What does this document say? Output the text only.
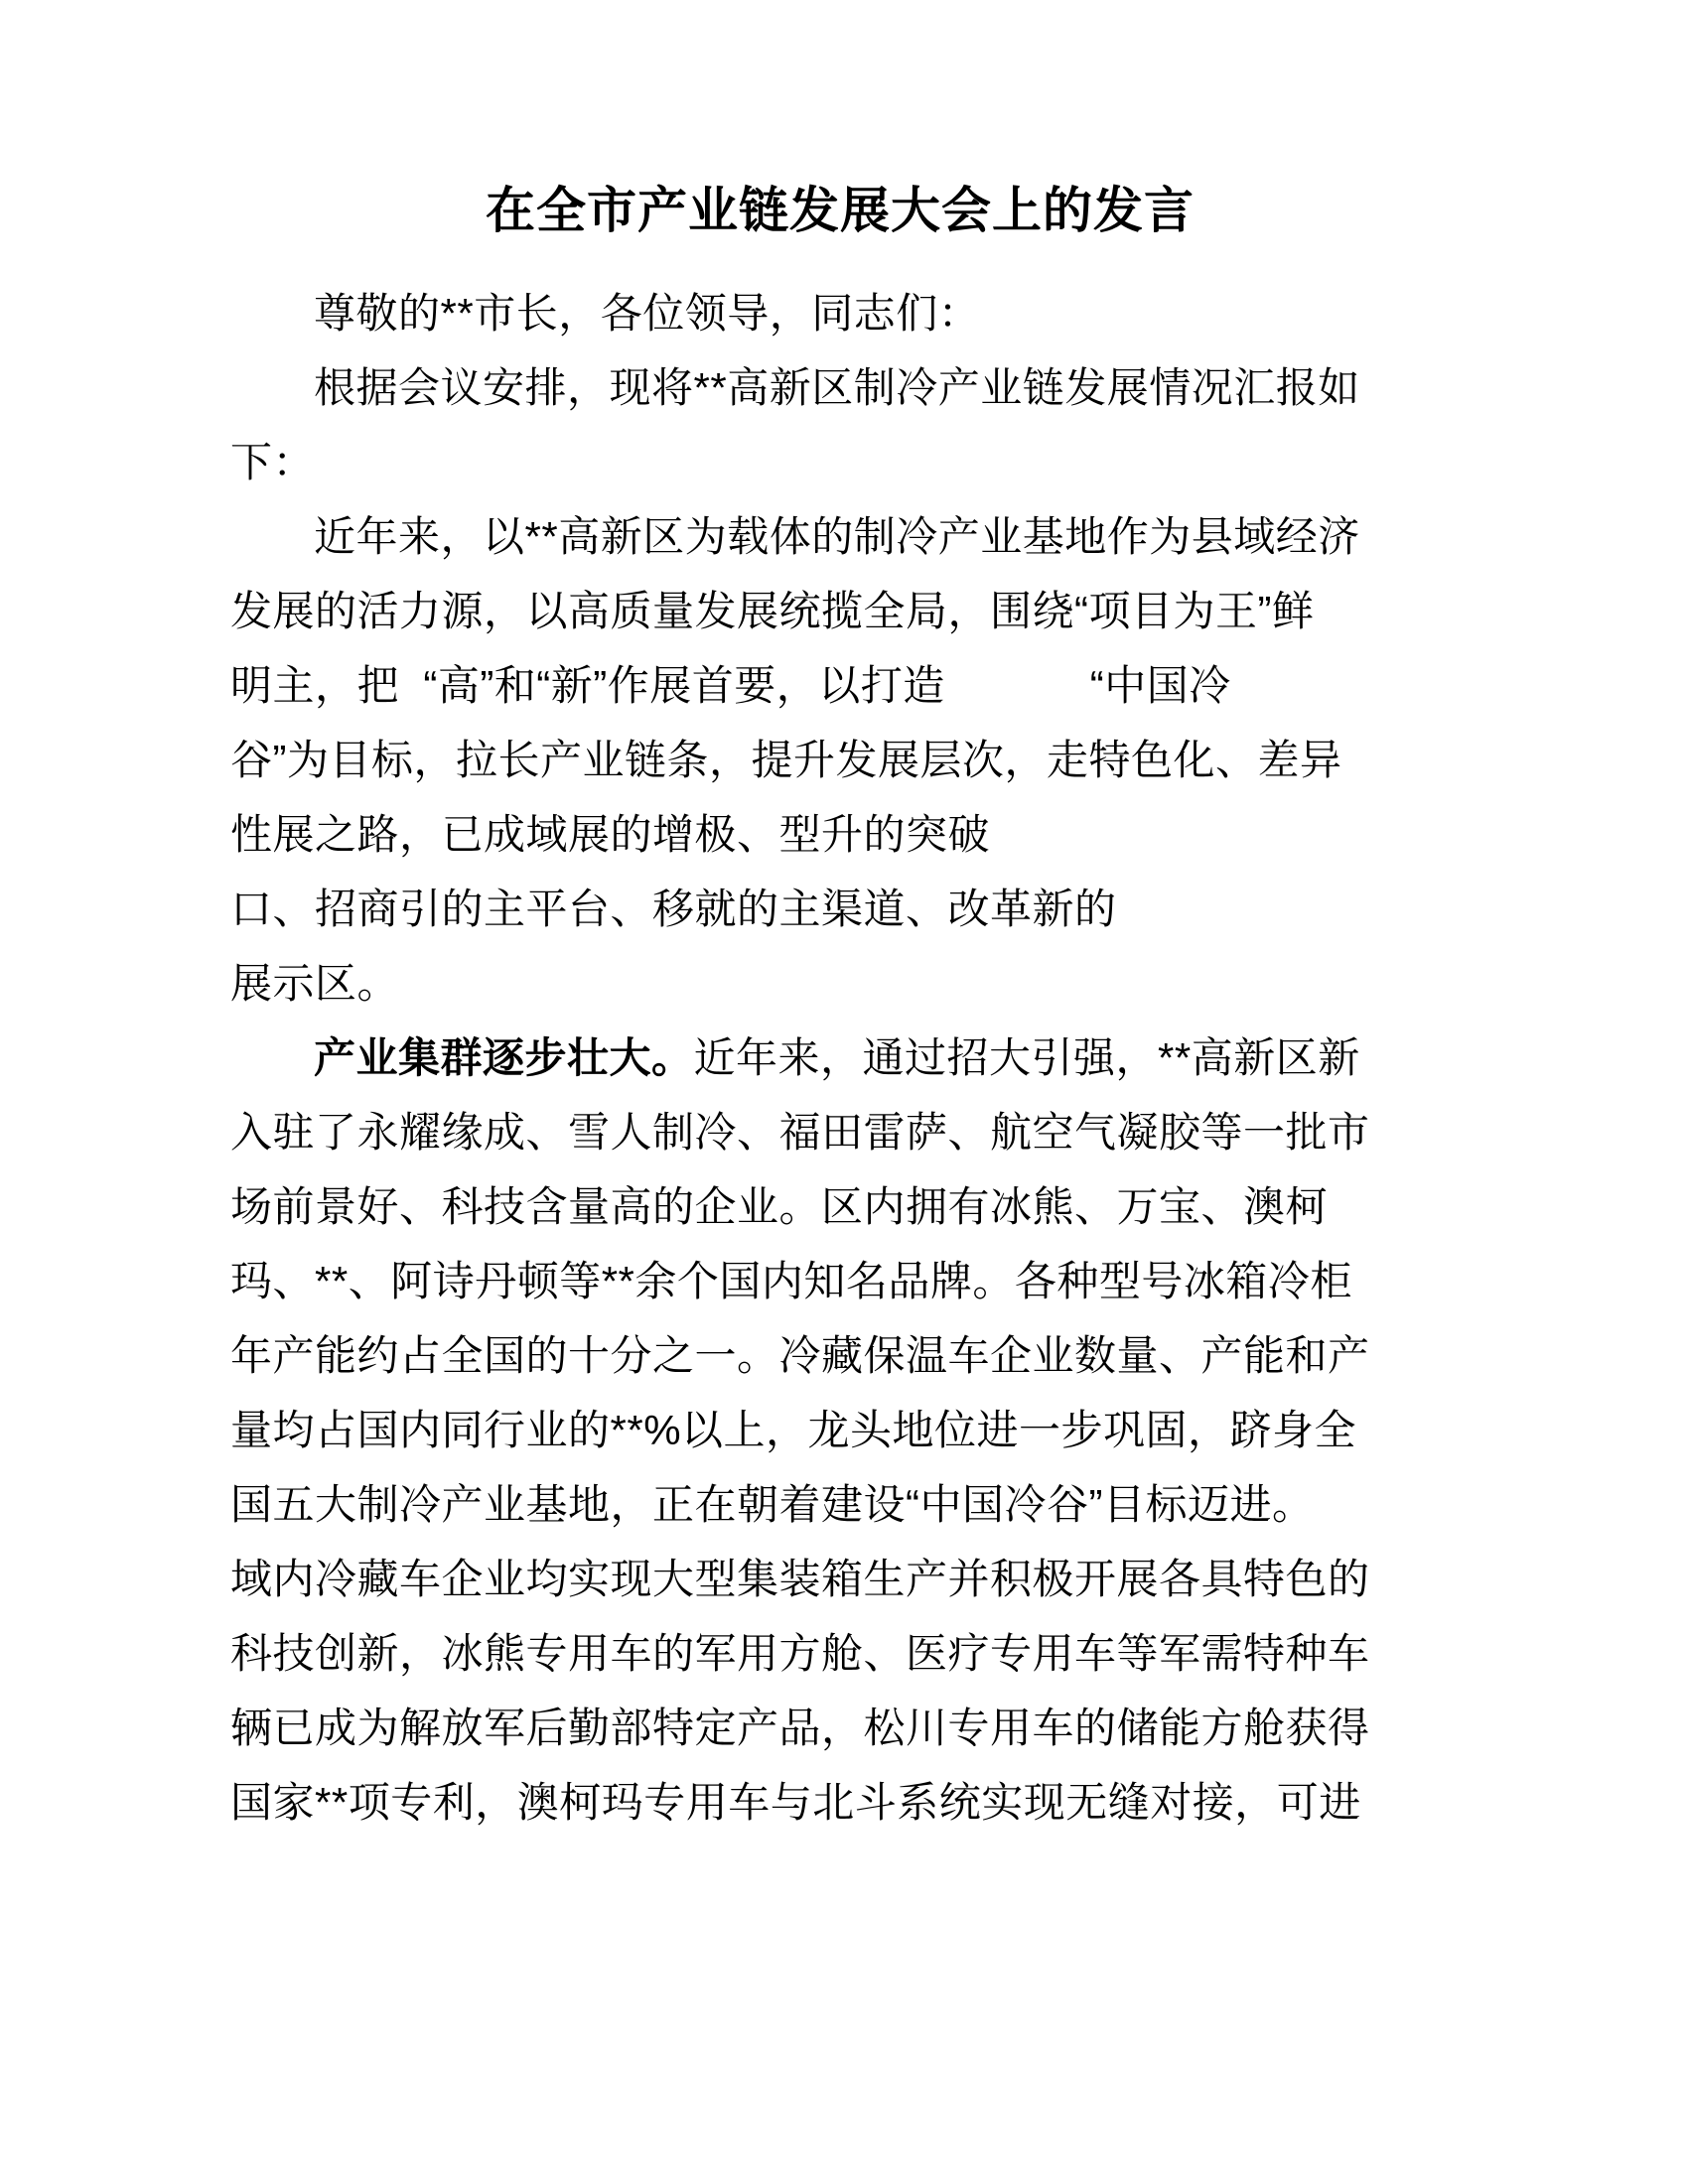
在全市产业链发展大会上的发言

尊敬的**市长，各位领导，同志们：

根据会议安排，现将**高新区制冷产业链发展情况汇报如
下：

近年来，以**高新区为载体的制冷产业基地作为县域经济
发展的活力源，以高质量发展统揽全局，围绕“项目为王”鲜
明主，把  “高”和“新”作展首要，以打造            “中国冷
谷”为目标，拉长产业链条，提升发展层次，走特色化、差异
性展之路，已成域展的增极、型升的突破
口、招商引的主平台、移就的主渠道、改革新的
展示区。

产业集群逐步壮大。近年来，通过招大引强，**高新区新
入驻了永耀缘成、雪人制冷、福田雷萨、航空气凝胶等一批市
场前景好、科技含量高的企业。区内拥有冰熊、万宝、澳柯
玛、**、阿诗丹顿等**余个国内知名品牌。各种型号冰箱冷柜
年产能约占全国的十分之一。冷藏保温车企业数量、产能和产
量均占国内同行业的**%以上，龙头地位进一步巩固，跻身全
国五大制冷产业基地，正在朝着建设“中国冷谷”目标迈进。
域内冷藏车企业均实现大型集装箱生产并积极开展各具特色的
科技创新，冰熊专用车的军用方舱、医疗专用车等军需特种车
辆已成为解放军后勤部特定产品，松川专用车的储能方舱获得
国家**项专利，澳柯玛专用车与北斗系统实现无缝对接，可进
